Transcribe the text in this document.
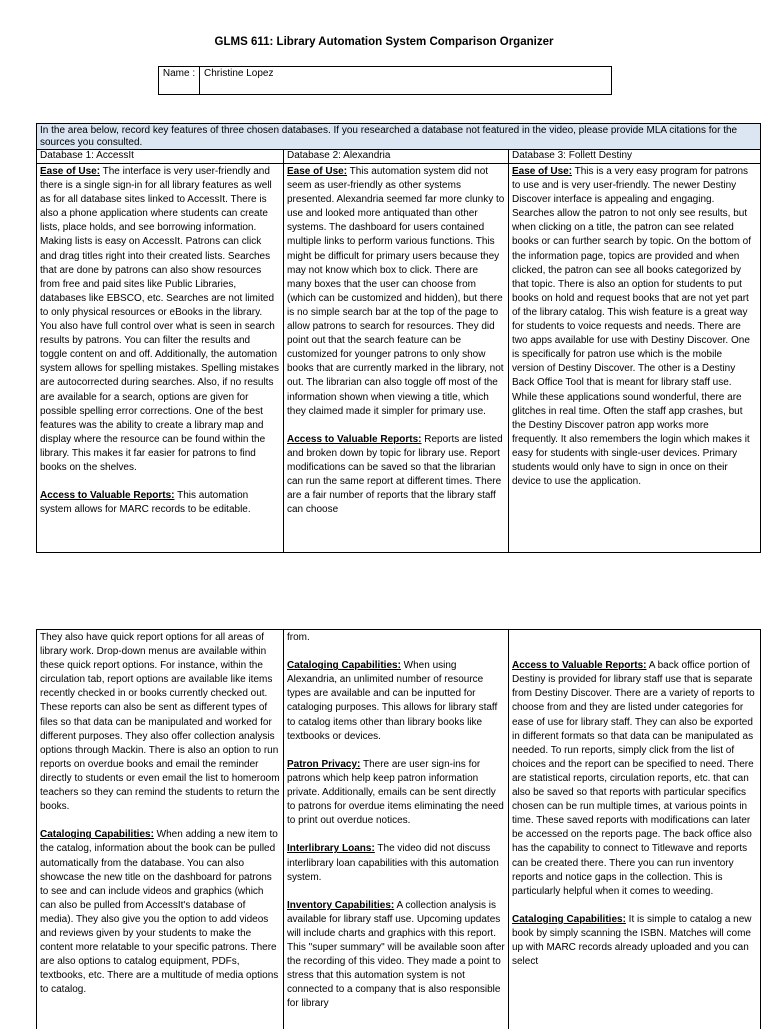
GLMS 611: Library Automation System Comparison Organizer
Name : Christine Lopez
In the area below, record key features of three chosen databases. If you researched a database not featured in the video, please provide MLA citations for the sources you consulted.
Database 1: AccessIt	Database 2: Alexandria	Database 3: Follett Destiny

Ease of Use: The interface is very user-friendly and there is a single sign-in for all library features as well as for all database sites linked to AccessIt. There is also a phone application where students can create lists, place holds, and see borrowing information. Making lists is easy on AccessIt. Patrons can click and drag titles right into their created lists. Searches that are done by patrons can also show resources from free and paid sites like Public Libraries, databases like EBSCO, etc. Searches are not limited to only physical resources or eBooks in the library. You also have full control over what is seen in search results by patrons. You can filter the results and toggle content on and off. Additionally, the automation system allows for spelling mistakes. Spelling mistakes are autocorrected during searches. Also, if no results are available for a search, options are given for possible spelling error corrections. One of the best features was the ability to create a library map and display where the resource can be found within the library. This makes it far easier for patrons to find books on the shelves.

Access to Valuable Reports: This automation system allows for MARC records to be editable.

Ease of Use: This automation system did not seem as user-friendly as other systems presented. Alexandria seemed far more clunky to use and looked more antiquated than other systems. The dashboard for users contained multiple links to perform various functions. This might be difficult for primary users because they may not know which box to click. There are many boxes that the user can choose from (which can be customized and hidden), but there is no simple search bar at the top of the page to allow patrons to search for resources. They did point out that the search feature can be customized for younger patrons to only show books that are currently marked in the library, not out. The librarian can also toggle off most of the information shown when viewing a title, which they claimed made it simpler for primary use.

Access to Valuable Reports: Reports are listed and broken down by topic for library use. Report modifications can be saved so that the librarian can run the same report at different times. There are a fair number of reports that the library staff can choose

Ease of Use: This is a very easy program for patrons to use and is very user-friendly. The newer Destiny Discover interface is appealing and engaging. Searches allow the patron to not only see results, but when clicking on a title, the patron can see related books or can further search by topic. On the bottom of the information page, topics are provided and when clicked, the patron can see all books categorized by that topic. There is also an option for students to put books on hold and request books that are not yet part of the library catalog. This wish feature is a great way for students to voice requests and needs. There are two apps available for use with Destiny Discover. One is specifically for patron use which is the mobile version of Destiny Discover. The other is a Destiny Back Office Tool that is meant for library staff use. While these applications sound wonderful, there are glitches in real time. Often the staff app crashes, but the Destiny Discover patron app works more frequently. It also remembers the login which makes it easy for students with single-user devices. Primary students would only have to sign in once on their device to use the application.

They also have quick report options for all areas of library work. Drop-down menus are available within these quick report options. For instance, within the circulation tab, report options are available like items recently checked in or books currently checked out. These reports can also be sent as different types of files so that data can be manipulated and worked for different purposes. They also offer collection analysis options through Mackin. There is also an option to run reports on overdue books and email the reminder directly to students or even email the list to homeroom teachers so they can remind the students to return the books.

Cataloging Capabilities: When adding a new item to the catalog, information about the book can be pulled automatically from the database. You can also showcase the new title on the dashboard for patrons to see and can include videos and graphics (which can also be pulled from AccessIt's database of media). They also give you the option to add videos and reviews given by your students to make the content more relatable to your specific patrons. There are also options to catalog equipment, PDFs, textbooks, etc. There are a multitude of media options to catalog.

from.

Cataloging Capabilities: When using Alexandria, an unlimited number of resource types are available and can be inputted for cataloging purposes. This allows for library staff to catalog items other than library books like textbooks or devices.

Patron Privacy: There are user sign-ins for patrons which help keep patron information private. Additionally, emails can be sent directly to patrons for overdue items eliminating the need to print out overdue notices.

Interlibrary Loans: The video did not discuss interlibrary loan capabilities with this automation system.

Inventory Capabilities: A collection analysis is available for library staff use. Upcoming updates will include charts and graphics with this report. This "super summary" will be available soon after the recording of this video. They made a point to stress that this automation system is not connected to a company that is also responsible for library

Access to Valuable Reports: A back office portion of Destiny is provided for library staff use that is separate from Destiny Discover. There are a variety of reports to choose from and they are listed under categories for ease of use for library staff. They can also be exported in different formats so that data can be manipulated as needed. To run reports, simply click from the list of choices and the report can be specified to need. There are statistical reports, circulation reports, etc. that can also be saved so that reports with particular specifics chosen can be run multiple times, at various points in time. These saved reports with modifications can later be accessed on the reports page. The back office also has the capability to connect to Titlewave and reports can be created there. There you can run inventory reports and notice gaps in the collection. This is particularly helpful when it comes to weeding.

Cataloging Capabilities: It is simple to catalog a new book by simply scanning the ISBN. Matches will come up with MARC records already uploaded and you can select
